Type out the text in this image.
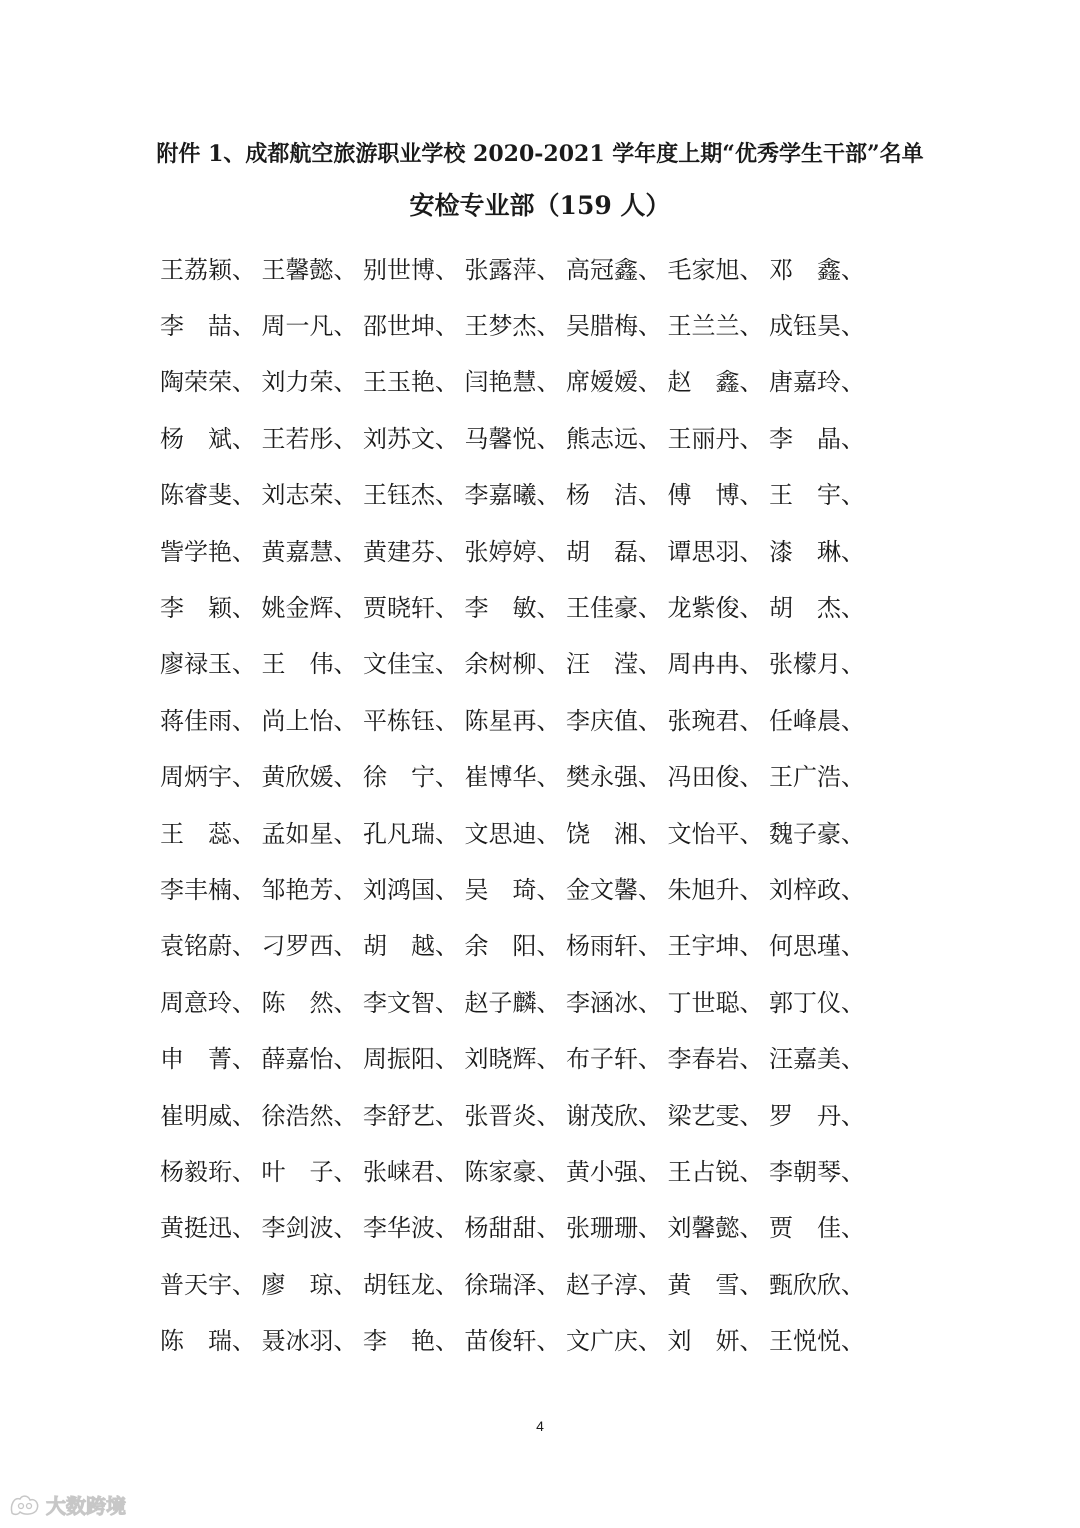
附件 1、成都航空旅游职业学校 2020-2021 学年度上期“优秀学生干部”名单
安检专业部（159 人）
王荔颖、 王馨懿、 别世博、 张露萍、 高冠鑫、 毛家旭、 邓　鑫、
李　喆、 周一凡、 邵世坤、 王梦杰、 吴腊梅、 王兰兰、 成钰昊、
陶荣荣、 刘力荣、 王玉艳、 闫艳慧、 席嫒嫒、 赵　鑫、 唐嘉玲、
杨　斌、 王若彤、 刘苏文、 马馨悦、 熊志远、 王丽丹、 李　晶、
陈睿斐、 刘志荣、 王钰杰、 李嘉曦、 杨　洁、 傅　博、 王　宇、
訾学艳、 黄嘉慧、 黄建芬、 张婷婷、 胡　磊、 谭思羽、 漆　琳、
李　颖、 姚金辉、 贾晓轩、 李　敏、 王佳豪、 龙紫俊、 胡　杰、
廖禄玉、 王　伟、 文佳宝、 余树柳、 汪　滢、 周冉冉、 张檬月、
蒋佳雨、 尚上怡、 平栋钰、 陈星再、 李庆值、 张琬君、 任峰晨、
周炳宇、 黄欣媛、 徐　宁、 崔博华、 樊永强、 冯田俊、 王广浩、
王　蕊、 孟如星、 孔凡瑞、 文思迪、 饶　湘、 文怡平、 魏子豪、
李丰楠、 邹艳芳、 刘鸿国、 吴　琦、 金文馨、 朱旭升、 刘梓政、
袁铭蔚、 刁罗西、 胡　越、 余　阳、 杨雨轩、 王宇坤、 何思瑾、
周意玲、 陈　然、 李文智、 赵子麟、 李涵冰、 丁世聪、 郭丁仪、
申　菁、 薛嘉怡、 周振阳、 刘晓辉、 布子轩、 李春岩、 汪嘉美、
崔明威、 徐浩然、 李舒艺、 张晋炎、 谢茂欣、 梁艺雯、 罗　丹、
杨毅珩、 叶　子、 张崃君、 陈家豪、 黄小强、 王占锐、 李朝琴、
黄挺迅、 李剑波、 李华波、 杨甜甜、 张珊珊、 刘馨懿、 贾　佳、
普天宇、 廖　琼、 胡钰龙、 徐瑞泽、 赵子淳、 黄　雪、 甄欣欣、
陈　瑞、 聂冰羽、 李　艳、 苗俊轩、 文广庆、 刘　妍、 王悦悦、
4
大数跨境
